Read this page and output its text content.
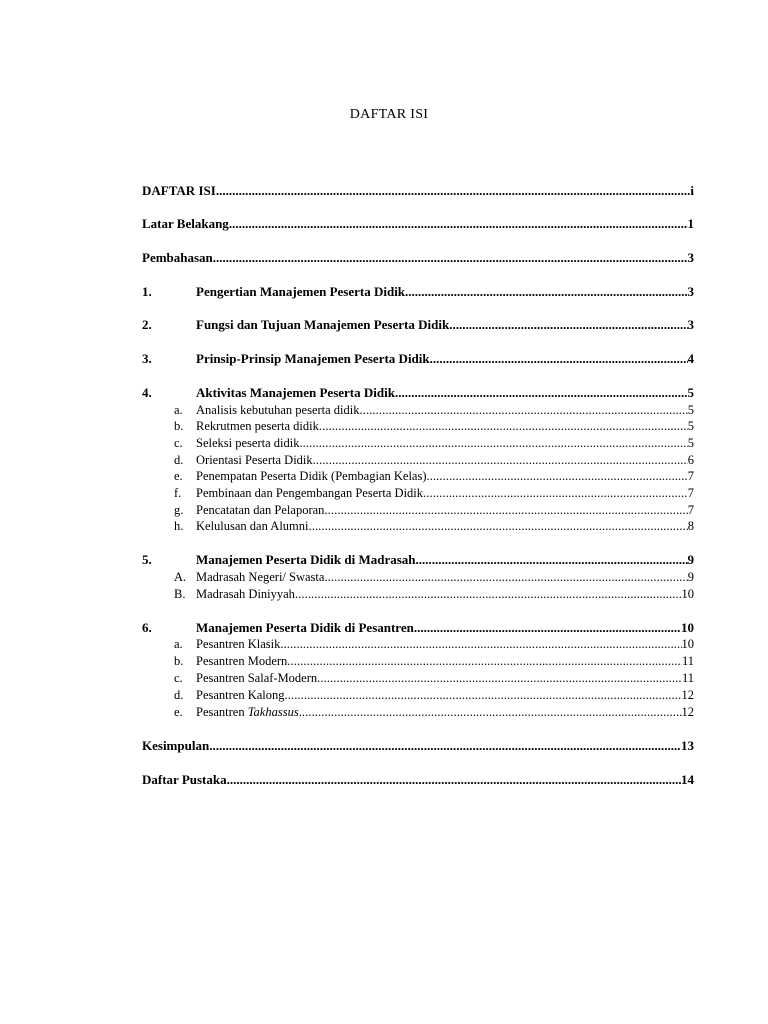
DAFTAR ISI
DAFTAR ISI .....	i
Latar Belakang .....	1
Pembahasan .....	3
1.	Pengertian Manajemen Peserta Didik .....	3
2.	Fungsi dan Tujuan Manajemen Peserta Didik .....	3
3.	Prinsip-Prinsip Manajemen Peserta Didik .....	4
4.	Aktivitas Manajemen Peserta Didik .....	5
a.	Analisis kebutuhan peserta didik .....	5
b.	Rekrutmen peserta didik .....	5
c.	Seleksi peserta didik .....	5
d.	Orientasi Peserta Didik .....	6
e.	Penempatan Peserta Didik (Pembagian Kelas) .....	7
f.	Pembinaan dan Pengembangan Peserta Didik .....	7
g.	Pencatatan dan Pelaporan .....	7
h.	Kelulusan dan Alumni .....	8
5.	Manajemen Peserta Didik di Madrasah .....	9
A. Madrasah Negeri/ Swasta .....	9
B. Madrasah Diniyyah .....	10
6.	Manajemen Peserta Didik di Pesantren .....	10
a.	Pesantren Klasik .....	10
b.	Pesantren Modern .....	11
c.	Pesantren Salaf-Modern .....	11
d.	Pesantren Kalong .....	12
e.	Pesantren Takhassus .....	12
Kesimpulan .....	13
Daftar Pustaka .....	14
